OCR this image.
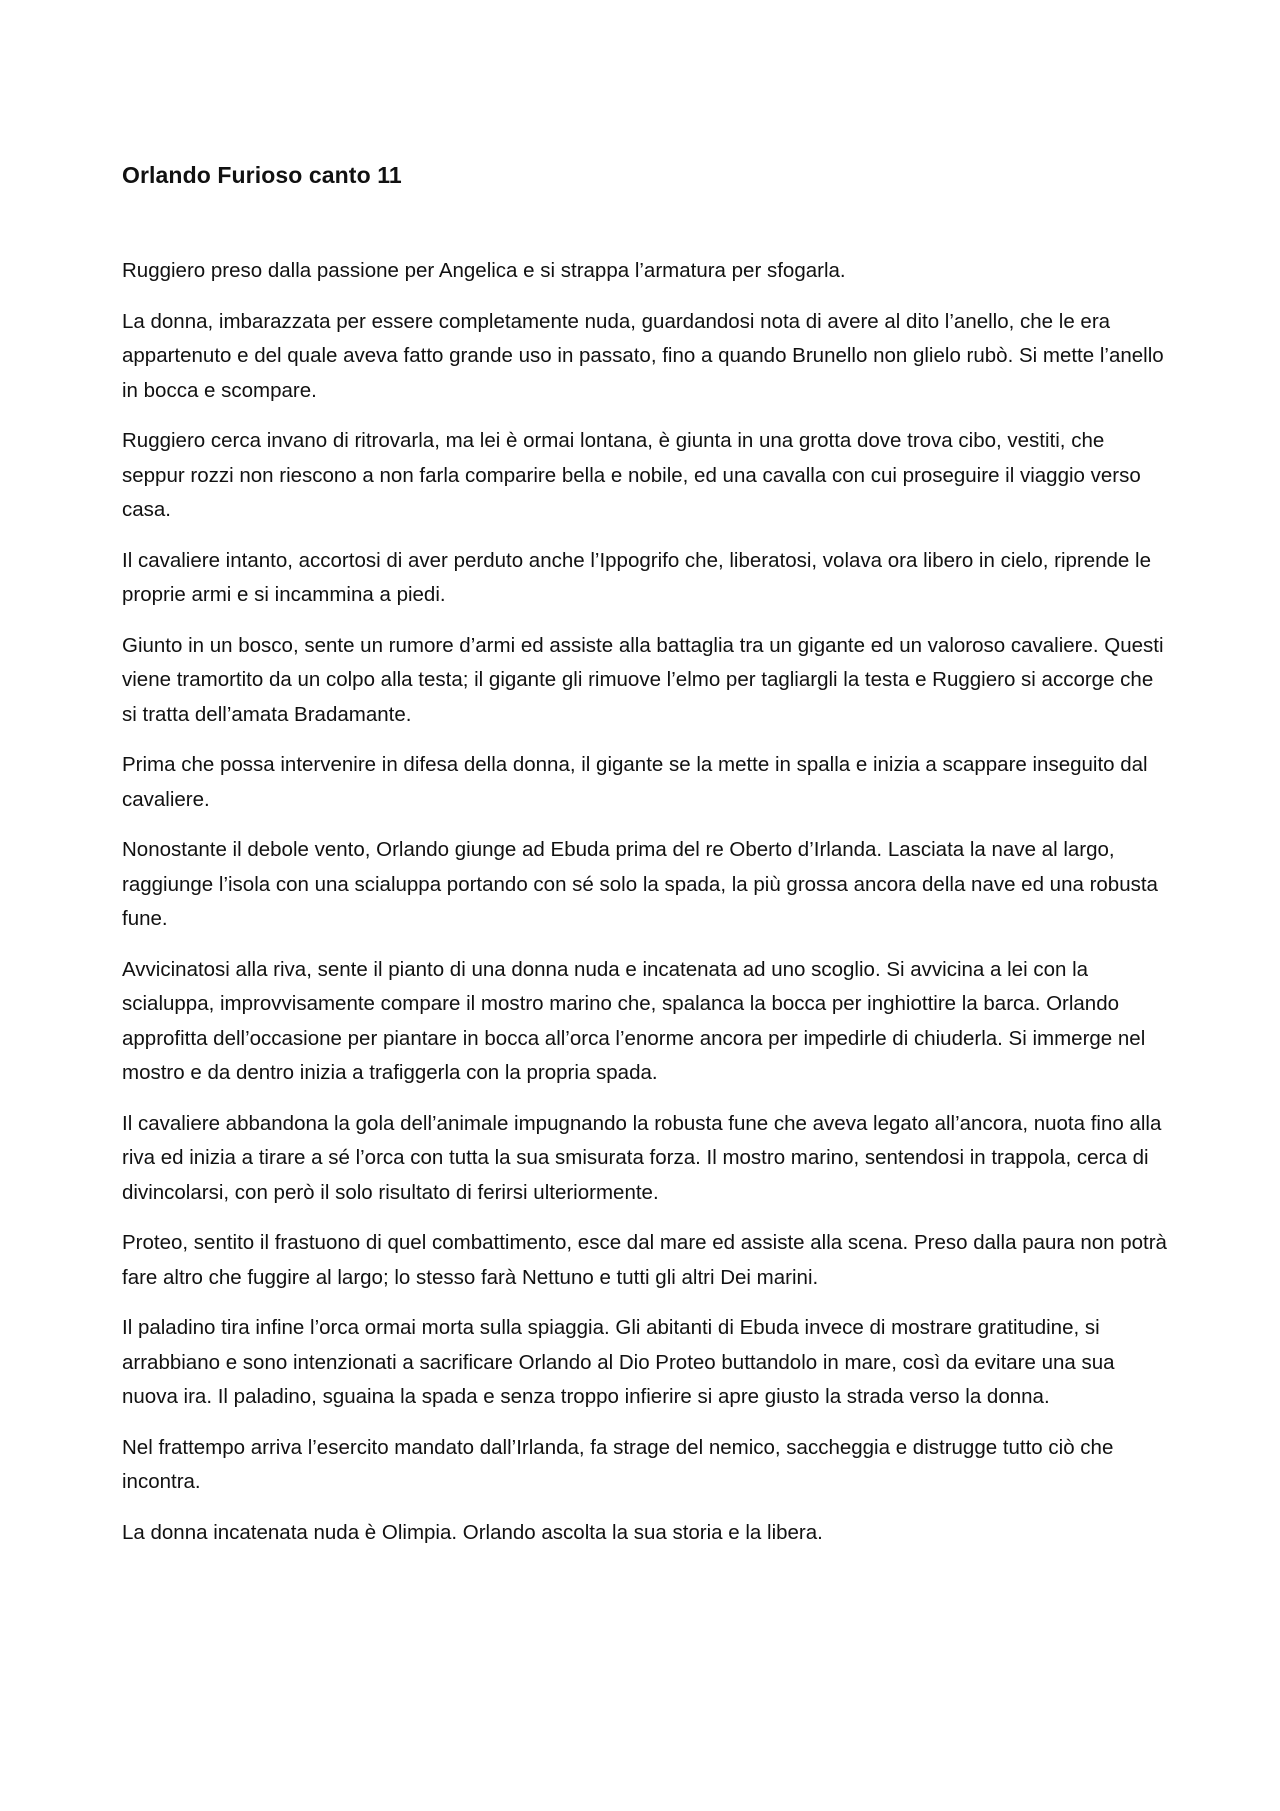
Orlando Furioso canto 11

Ruggiero preso dalla passione per Angelica e si strappa l’armatura per sfogarla.

La donna, imbarazzata per essere completamente nuda, guardandosi nota di avere al dito l’anello, che le era appartenuto e del quale aveva fatto grande uso in passato, fino a quando Brunello non glielo rubò. Si mette l’anello in bocca e scompare.

Ruggiero cerca invano di ritrovarla, ma lei è ormai lontana, è giunta in una grotta dove trova cibo, vestiti, che seppur rozzi non riescono a non farla comparire bella e nobile, ed una cavalla con cui proseguire il viaggio verso casa.

Il cavaliere intanto, accortosi di aver perduto anche l’Ippogrifo che, liberatosi, volava ora libero in cielo, riprende le proprie armi e si incammina a piedi.

Giunto in un bosco, sente un rumore d’armi ed assiste alla battaglia tra un gigante ed un valoroso cavaliere. Questi viene tramortito da un colpo alla testa; il gigante gli rimuove l’elmo per tagliargli la testa e Ruggiero si accorge che si tratta dell’amata Bradamante.

Prima che possa intervenire in difesa della donna, il gigante se la mette in spalla e inizia a scappare inseguito dal cavaliere.

Nonostante il debole vento, Orlando giunge ad Ebuda prima del re Oberto d’Irlanda. Lasciata la nave al largo, raggiunge l’isola con una scialuppa portando con sé solo la spada, la più grossa ancora della nave ed una robusta fune.

Avvicinatosi alla riva, sente il pianto di una donna nuda e incatenata ad uno scoglio. Si avvicina a lei con la scialuppa, improvvisamente compare il mostro marino che, spalanca la bocca per inghiottire la barca. Orlando approfitta dell’occasione per piantare in bocca all’orca l’enorme ancora per impedirle di chiuderla. Si immerge nel mostro e da dentro inizia a trafiggerla con la propria spada.

Il cavaliere abbandona la gola dell’animale impugnando la robusta fune che aveva legato all’ancora, nuota fino alla riva ed inizia a tirare a sé l’orca con tutta la sua smisurata forza. Il mostro marino, sentendosi in trappola, cerca di divincolarsi, con però il solo risultato di ferirsi ulteriormente.

Proteo, sentito il frastuono di quel combattimento, esce dal mare ed assiste alla scena. Preso dalla paura non potrà fare altro che fuggire al largo; lo stesso farà Nettuno e tutti gli altri Dei marini.

Il paladino tira infine l’orca ormai morta sulla spiaggia. Gli abitanti di Ebuda invece di mostrare gratitudine, si arrabbiano e sono intenzionati a sacrificare Orlando al Dio Proteo buttandolo in mare, così da evitare una sua nuova ira. Il paladino, sguaina la spada e senza troppo infierire si apre giusto la strada verso la donna.

Nel frattempo arriva l’esercito mandato dall’Irlanda, fa strage del nemico, saccheggia e distrugge tutto ciò che incontra.

La donna incatenata nuda è Olimpia. Orlando ascolta la sua storia e la libera.
